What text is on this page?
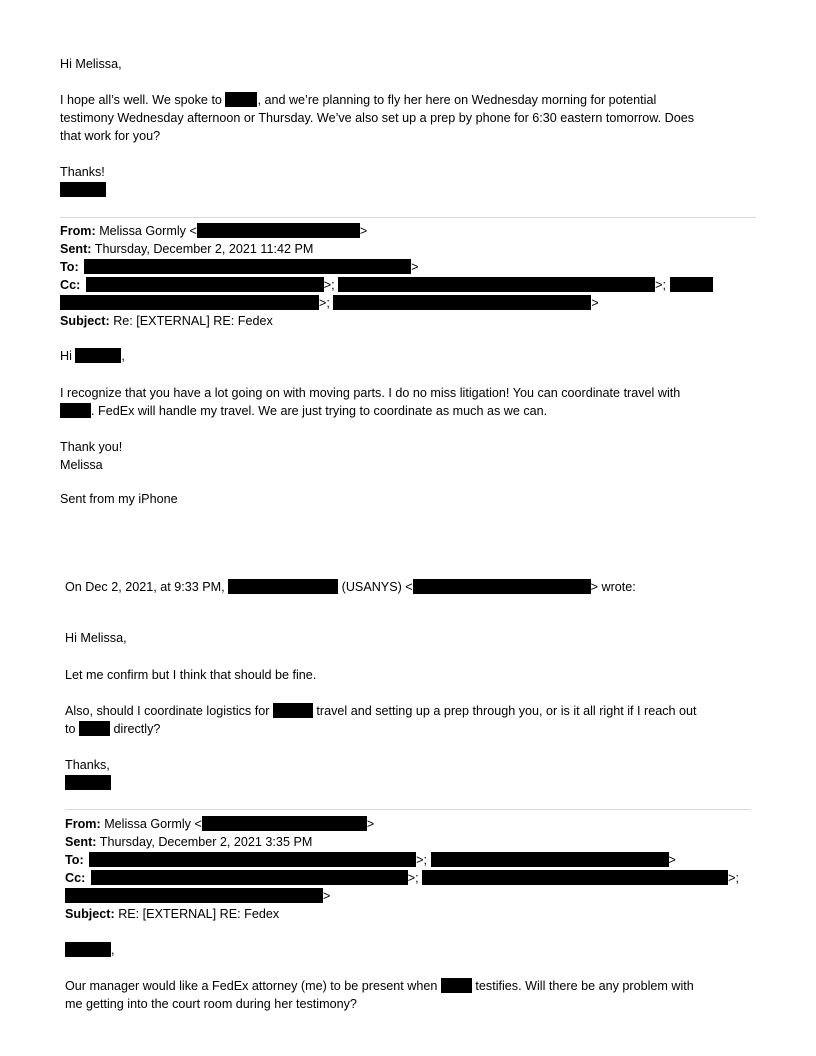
Hi Melissa,
I hope all’s well. We spoke to	, and we’re planning to fly her here on Wednesday morning for potential
testimony Wednesday afternoon or Thursday. We’ve also set up a prep by phone for 6:30 eastern tomorrow. Does
that work for you?
Thanks!
From: Melissa Gormly <	>
Sent: Thursday, December 2, 2021 11:42 PM
To:	>
Cc:	>;	>;
>;	>
Subject: Re: [EXTERNAL] RE: Fedex
Hi	,
I recognize that you have a lot going on with moving parts. I do no miss litigation! You can coordinate travel with
. FedEx will handle my travel. We are just trying to coordinate as much as we can.
Thank you!
Melissa
Sent from my iPhone
On Dec 2, 2021, at 9:33 PM,	(USANYS) <	> wrote:
Hi Melissa,
Let me confirm but I think that should be fine.
Also, should I coordinate logistics for	travel and setting up a prep through you, or is it all right if I reach out
to	directly?
Thanks,
From: Melissa Gormly <	>
Sent: Thursday, December 2, 2021 3:35 PM
To:	>;	>
Cc:	>;	>;
>
Subject: RE: [EXTERNAL] RE: Fedex
,
Our manager would like a FedEx attorney (me) to be present when	testifies. Will there be any problem with
me getting into the court room during her testimony?
